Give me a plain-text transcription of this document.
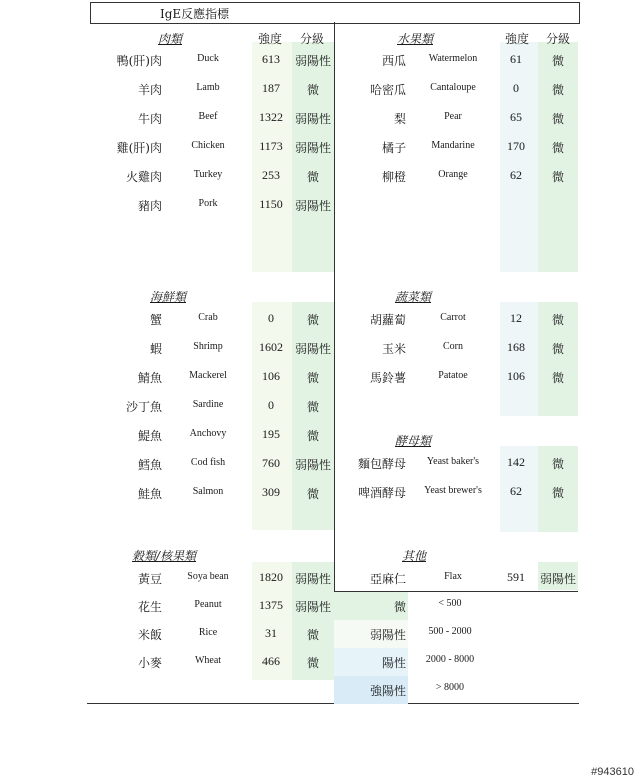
IgE反應指標
強度 分級	強度 分級
肉類	水果類
海鮮類	蔬菜類
酵母類
穀類/核果類	其他
鴨(肝)肉	Duck	613	弱陽性
羊肉	Lamb	187	微
牛肉	Beef	1322 弱陽性
雞(肝)肉	Chicken	1173	弱陽性
火雞肉	Turkey	253	微
豬肉	Pork	1150	弱陽性
蟹	Crab	0	微
蝦	Shrimp	1602 弱陽性
鯖魚	Mackerel	106	微
沙丁魚	Sardine	0	微
鯷魚	Anchovy	195	微
鱈魚	Cod fish	760	弱陽性
鮭魚	Salmon	309	微
黃豆	Soya bean	1820 弱陽性
花生	Peanut	1375 弱陽性
米飯	Rice	31	微
小麥	Wheat	466	微
西瓜	Watermelon	61	微
哈密瓜	Cantaloupe	0	微
梨	Pear	65	微
橘子	Mandarine	170	微
柳橙	Orange	62	微
胡蘿蔔	Carrot	12	微
玉米	Corn	168	微
馬鈴薯	Patatoe	106	微
麵包酵母	Yeast baker's	142	微
啤酒酵母	Yeast brewer's	62	微
亞麻仁	Flax	591	弱陽性
微	< 500
弱陽性	500 - 2000
陽性	2000 - 8000
強陽性	> 8000
#943610
